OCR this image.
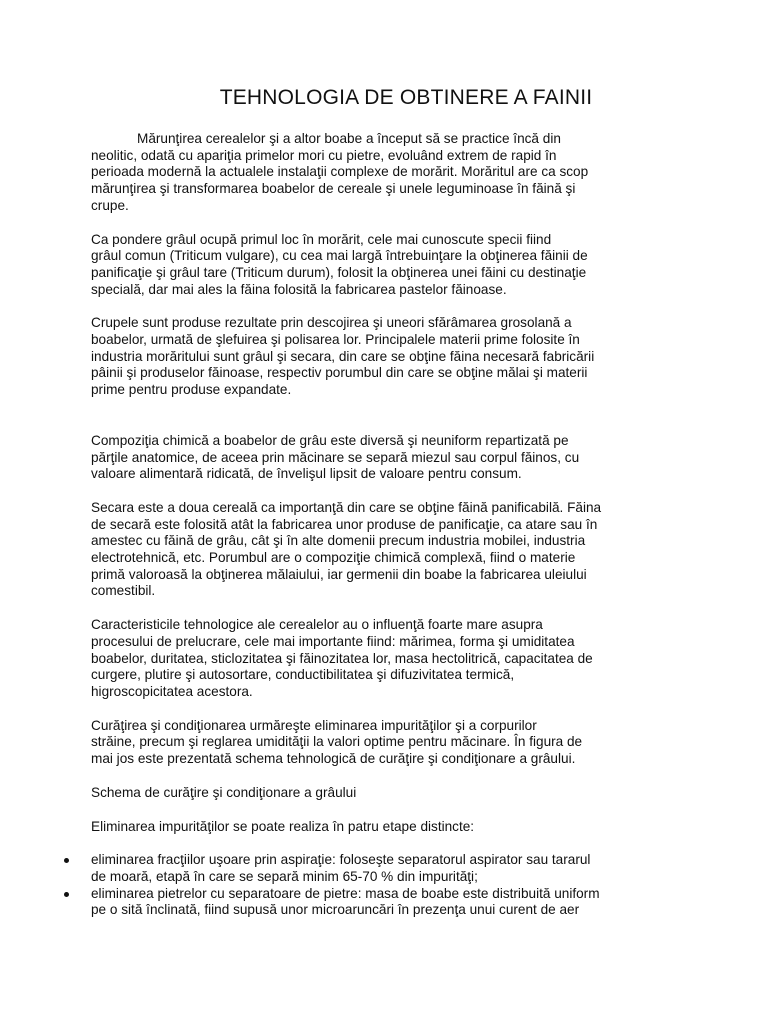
TEHNOLOGIA DE OBTINERE A FAINII
Mărunţirea cerealelor şi a altor boabe a început să se practice încă din
neolitic, odată cu apariţia primelor mori cu pietre, evoluând extrem de rapid în
perioada modernă la actualele instalaţii complexe de morărit. Morăritul are ca scop
mărunţirea şi transformarea boabelor de cereale şi unele leguminoase în făină şi
crupe.
Ca pondere grâul ocupă primul loc în morărit, cele mai cunoscute specii fiind
grâul comun (Triticum vulgare), cu cea mai largă întrebuinţare la obţinerea făinii de
panificaţie şi grâul tare (Triticum durum), folosit la obţinerea unei făini cu destinaţie
specială, dar mai ales la făina folosită la fabricarea pastelor făinoase.
Crupele sunt produse rezultate prin descojirea şi uneori sfărâmarea grosolană a
boabelor, urmată de şlefuirea şi polisarea lor. Principalele materii prime folosite în
industria morăritului sunt grâul şi secara, din care se obţine făina necesară fabricării
pâinii şi produselor făinoase, respectiv porumbul din care se obţine mălai şi materii
prime pentru produse expandate.
Compoziţia chimică a boabelor de grâu este diversă şi neuniform repartizată pe
părţile anatomice, de aceea prin măcinare se separă miezul sau corpul făinos, cu
valoare alimentară ridicată, de învelişul lipsit de valoare pentru consum.
Secara este a doua cereală ca importanţă din care se obţine făină panificabilă. Făina
de secară este folosită atât la fabricarea unor produse de panificaţie, ca atare sau în
amestec cu făină de grâu, cât şi în alte domenii precum industria mobilei, industria
electrotehnică, etc. Porumbul are o compoziţie chimică complexă, fiind o materie
primă valoroasă la obţinerea mălaiului, iar germenii din boabe la fabricarea uleiului
comestibil.
Caracteristicile tehnologice ale cerealelor au o influenţă foarte mare asupra
procesului de prelucrare, cele mai importante fiind: mărimea, forma şi umiditatea
boabelor, duritatea, sticlozitatea şi făinozitatea lor, masa hectolitrică, capacitatea de
curgere, plutire şi autosortare, conductibilitatea şi difuzivitatea termică,
higroscopicitatea acestora.
Curăţirea şi condiţionarea urmăreşte eliminarea impurităţilor şi a corpurilor
străine, precum şi reglarea umidităţii la valori optime pentru măcinare. În figura de
mai jos este prezentată schema tehnologică de curăţire şi condiţionare a grâului.
Schema de curăţire şi condiţionare a grâului
Eliminarea impurităţilor se poate realiza în patru etape distincte:
eliminarea fracţiilor uşoare prin aspiraţie: foloseşte separatorul aspirator sau tararul
de moară, etapă în care se separă minim 65-70 % din impurităţi;
eliminarea pietrelor cu separatoare de pietre: masa de boabe este distribuită uniform
pe o sită înclinată, fiind supusă unor microaruncări în prezenţa unui curent de aer
